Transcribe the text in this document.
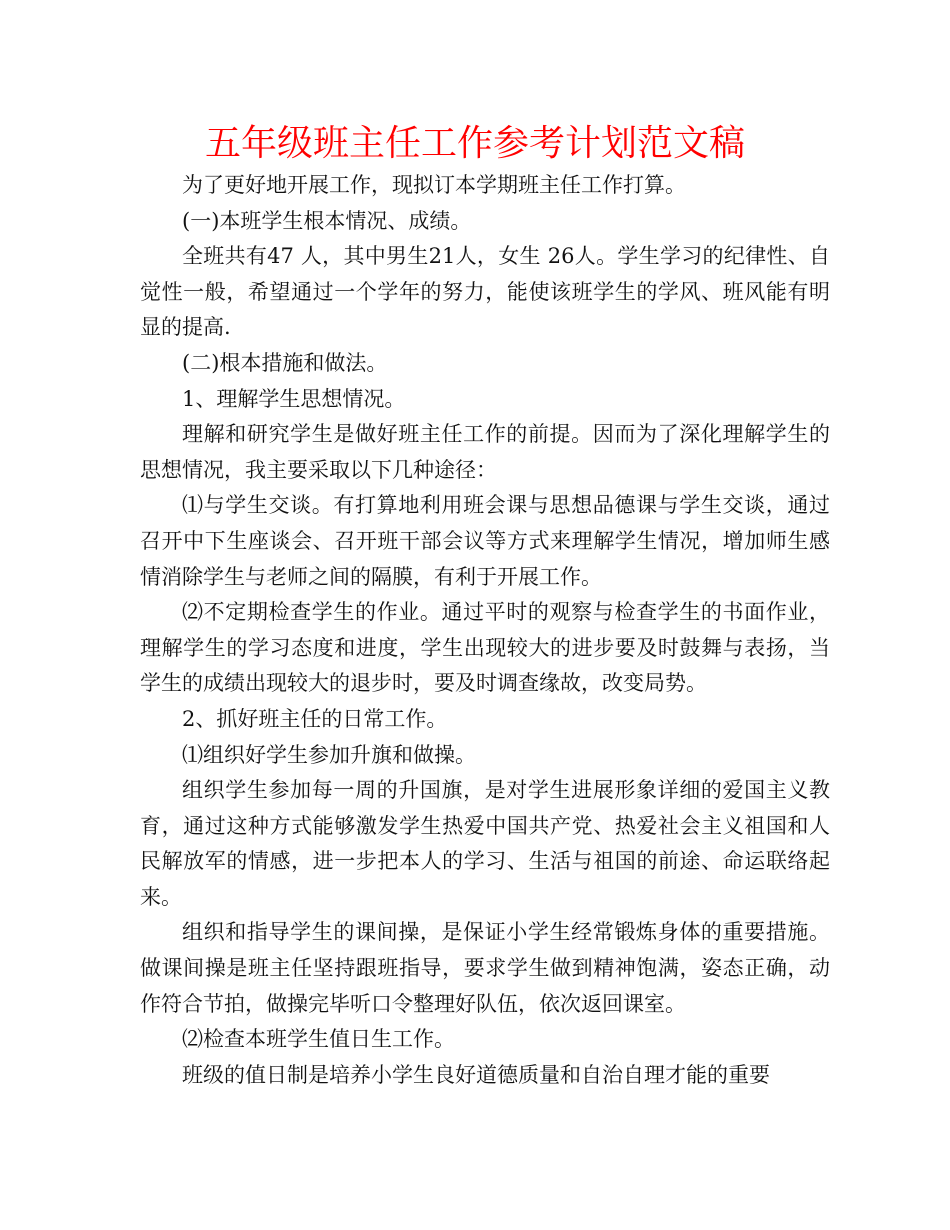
五年级班主任工作参考计划范文稿

为了更好地开展工作，现拟订本学期班主任工作打算。

(一)本班学生根本情况、成绩。

全班共有47 人，其中男生21人，女生 26人。学生学习的纪律性、自觉性一般，希望通过一个学年的努力，能使该班学生的学风、班风能有明显的提高.

(二)根本措施和做法。

1、理解学生思想情况。

理解和研究学生是做好班主任工作的前提。因而为了深化理解学生的思想情况，我主要采取以下几种途径：

⑴与学生交谈。有打算地利用班会课与思想品德课与学生交谈，通过召开中下生座谈会、召开班干部会议等方式来理解学生情况，增加师生感情消除学生与老师之间的隔膜，有利于开展工作。

⑵不定期检查学生的作业。通过平时的观察与检查学生的书面作业，理解学生的学习态度和进度，学生出现较大的进步要及时鼓舞与表扬，当学生的成绩出现较大的退步时，要及时调查缘故，改变局势。

2、抓好班主任的日常工作。

⑴组织好学生参加升旗和做操。

组织学生参加每一周的升国旗，是对学生进展形象详细的爱国主义教育，通过这种方式能够激发学生热爱中国共产党、热爱社会主义祖国和人民解放军的情感，进一步把本人的学习、生活与祖国的前途、命运联络起来。

组织和指导学生的课间操，是保证小学生经常锻炼身体的重要措施。做课间操是班主任坚持跟班指导，要求学生做到精神饱满，姿态正确，动作符合节拍，做操完毕听口令整理好队伍，依次返回课室。

⑵检查本班学生值日生工作。

班级的值日制是培养小学生良好道德质量和自治自理才能的重要
